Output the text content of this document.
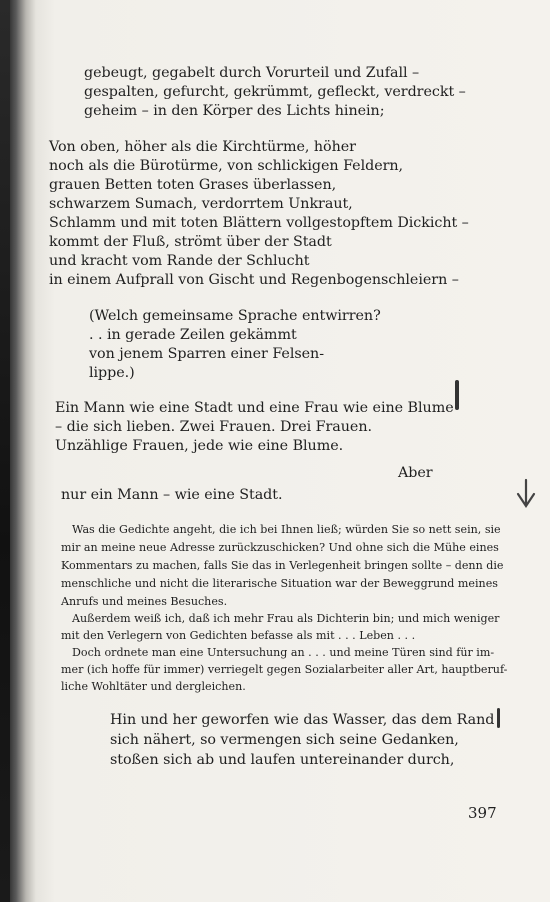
gebeugt, gegabelt durch Vorurteil und Zufall –
gespalten, gefurcht, gekrümmt, gefleckt, verdreckt –
geheim – in den Körper des Lichts hinein;
Von oben, höher als die Kirchtürme, höher
noch als die Bürotürme, von schlickigen Feldern,
grauen Betten toten Grases überlassen,
schwarzem Sumach, verdorrtem Unkraut,
Schlamm und mit toten Blättern vollgestopftem Dickicht –
kommt der Fluß, strömt über der Stadt
und kracht vom Rande der Schlucht
in einem Aufprall von Gischt und Regenbogenschleiern –
(Welch gemeinsame Sprache entwirren?
. . in gerade Zeilen gekämmt
von jenem Sparren einer Felsen-
lippe.)
Ein Mann wie eine Stadt und eine Frau wie eine Blume
– die sich lieben. Zwei Frauen. Drei Frauen.
Unzählige Frauen, jede wie eine Blume.
Aber
nur ein Mann – wie eine Stadt.
Was die Gedichte angeht, die ich bei Ihnen ließ; würden Sie so nett sein, sie
mir an meine neue Adresse zurückzuschicken? Und ohne sich die Mühe eines
Kommentars zu machen, falls Sie das in Verlegenheit bringen sollte – denn die
menschliche und nicht die literarische Situation war der Beweggrund meines
Anrufs und meines Besuches.
Außerdem weiß ich, daß ich mehr Frau als Dichterin bin; und mich weniger
mit den Verlegern von Gedichten befasse als mit . . . Leben . . .
Doch ordnete man eine Untersuchung an . . . und meine Türen sind für im-
mer (ich hoffe für immer) verriegelt gegen Sozialarbeiter aller Art, hauptberuf-
liche Wohltäter und dergleichen.
Hin und her geworfen wie das Wasser, das dem Rand
sich nähert, so vermengen sich seine Gedanken,
stoßen sich ab und laufen untereinander durch,
397
